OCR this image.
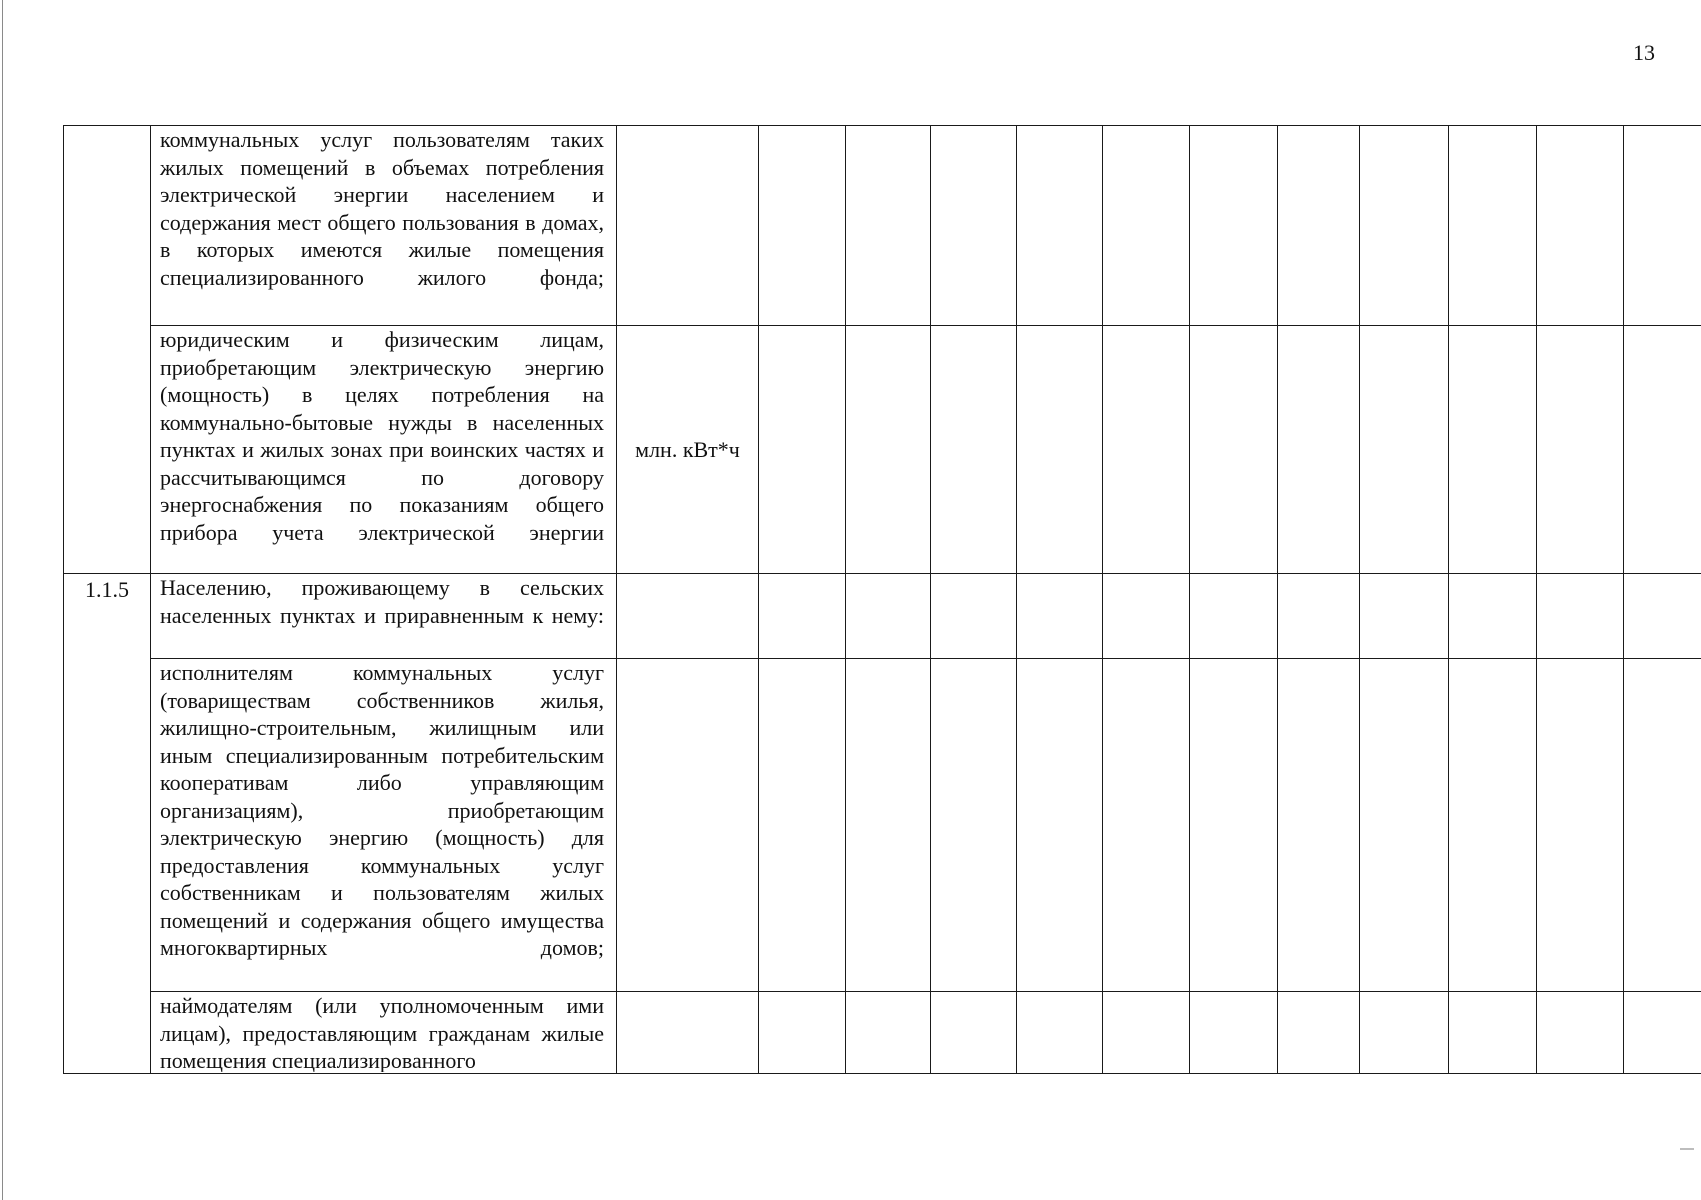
13
	коммунальных услуг пользователям таких жилых помещений в объемах потребления электрической энергии населением и содержания мест общего пользования в домах, в которых имеются жилые помещения специализированного жилого фонда;												
	юридическим и физическим лицам, приобретающим электрическую энергию (мощность) в целях потребления на коммунально-бытовые нужды в населенных пунктах и жилых зонах при воинских частях и рассчитывающимся по договору энергоснабжения по показаниям общего прибора учета электрической энергии	млн. кВт*ч											
1.1.5	Населению, проживающему в сельских населенных пунктах и приравненным к нему:												
	исполнителям коммунальных услуг (товариществам собственников жилья, жилищно-строительным, жилищным или иным специализированным потребительским кооперативам либо управляющим организациям), приобретающим электрическую энергию (мощность) для предоставления коммунальных услуг собственникам и пользователям жилых помещений и содержания общего имущества многоквартирных домов;												

	наймодателям (или уполномоченным ими лицам), предоставляющим гражданам жилые помещения специализированного												
